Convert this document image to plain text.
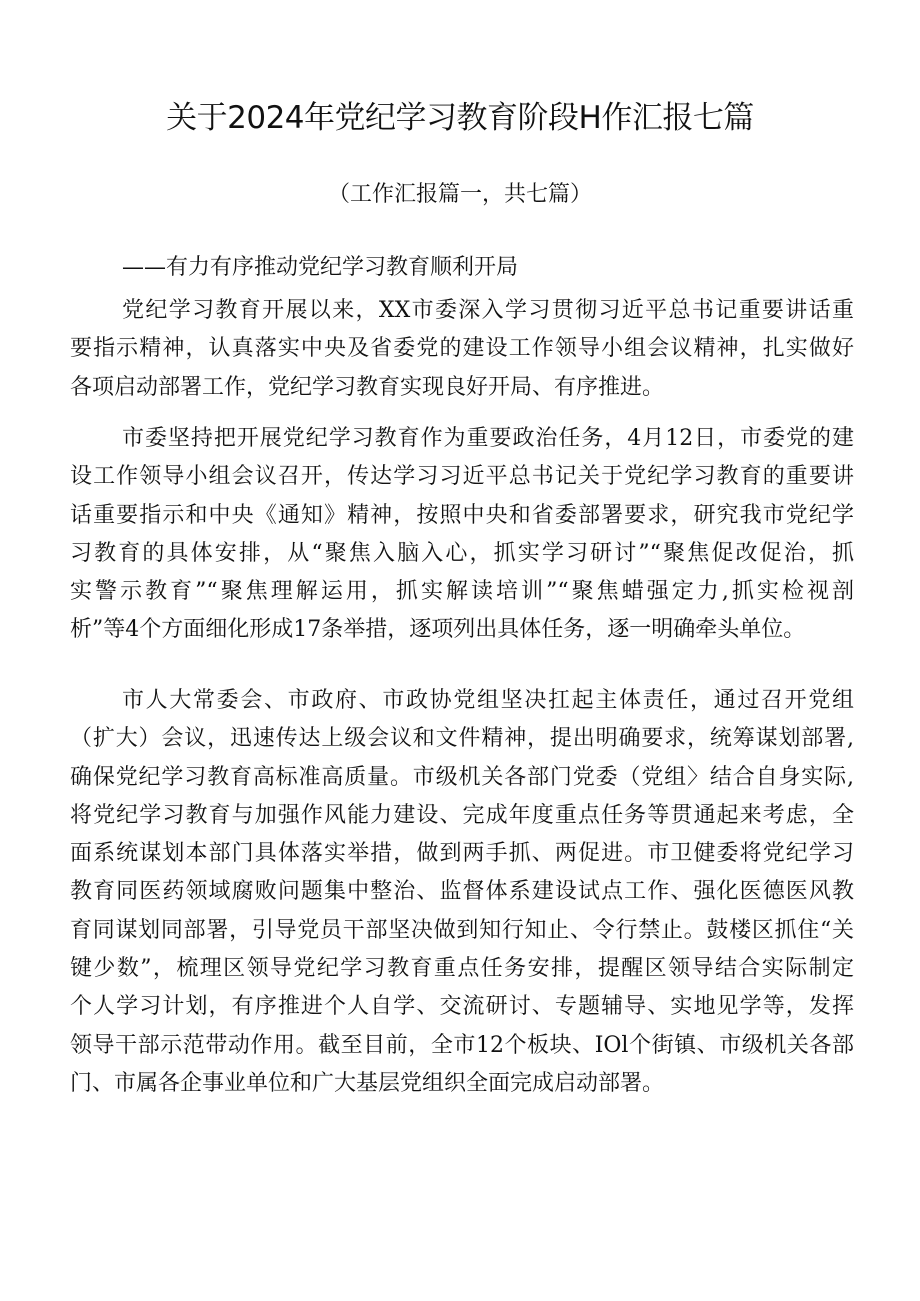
关于2024年党纪学习教育阶段H作汇报七篇
（工作汇报篇一，共七篇）
——有力有序推动党纪学习教育顺利开局
党纪学习教育开展以来，XX市委深入学习贯彻习近平总书记重要讲话重
要指示精神，认真落实中央及省委党的建设工作领导小组会议精神，扎实做好
各项启动部署工作，党纪学习教育实现良好开局、有序推进。
市委坚持把开展党纪学习教育作为重要政治任务，4月12日，市委党的建
设工作领导小组会议召开，传达学习习近平总书记关于党纪学习教育的重要讲
话重要指示和中央《通知》精神，按照中央和省委部署要求，研究我市党纪学
习教育的具体安排，从“聚焦入脑入心，抓实学习研讨”“聚焦促改促治，抓
实警示教育”“聚焦理解运用，抓实解读培训”“聚焦蜡强定力,抓实检视剖
析”等4个方面细化形成17条举措，逐项列出具体任务，逐一明确牵头单位。
市人大常委会、市政府、市政协党组坚决扛起主体责任，通过召开党组
（扩大）会议，迅速传达上级会议和文件精神，提出明确要求，统筹谋划部署,
确保党纪学习教育高标准高质量。市级机关各部门党委（党组〉结合自身实际,
将党纪学习教育与加强作风能力建设、完成年度重点任务等贯通起来考虑，全
面系统谋划本部门具体落实举措，做到两手抓、两促进。市卫健委将党纪学习
教育同医药领域腐败问题集中整治、监督体系建设试点工作、强化医德医风教
育同谋划同部署，引导党员干部坚决做到知行知止、令行禁止。鼓楼区抓住“关
键少数”，梳理区领导党纪学习教育重点任务安排，提醒区领导结合实际制定
个人学习计划，有序推进个人自学、交流研讨、专题辅导、实地见学等，发挥
领导干部示范带动作用。截至目前，全市12个板块、IOl个街镇、市级机关各部
门、市属各企事业单位和广大基层党组织全面完成启动部署。
